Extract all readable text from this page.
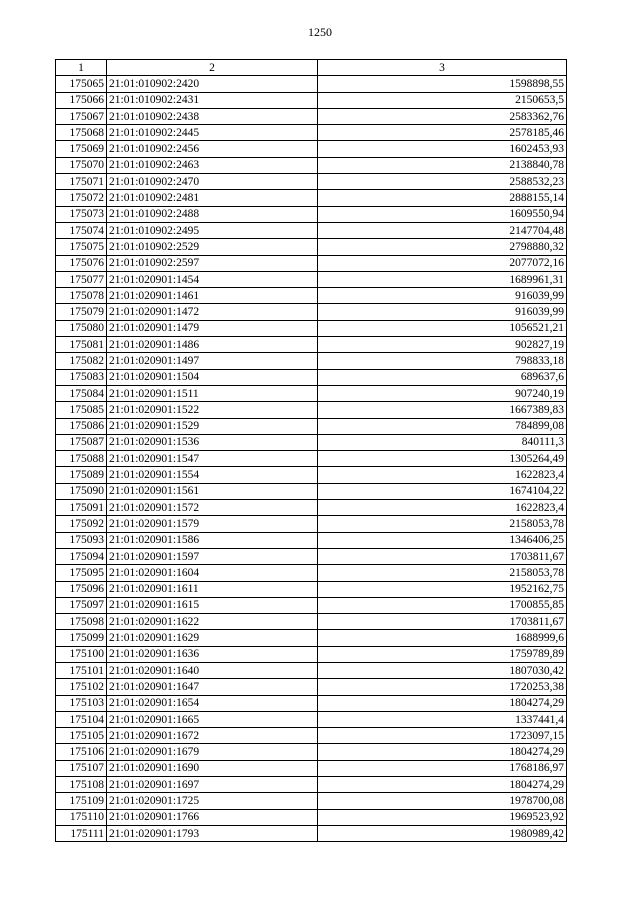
1250
1	2	3
175065	21:01:010902:2420	1598898,55
175066	21:01:010902:2431	2150653,5
175067	21:01:010902:2438	2583362,76
175068	21:01:010902:2445	2578185,46
175069	21:01:010902:2456	1602453,93
175070	21:01:010902:2463	2138840,78
175071	21:01:010902:2470	2588532,23
175072	21:01:010902:2481	2888155,14
175073	21:01:010902:2488	1609550,94
175074	21:01:010902:2495	2147704,48
175075	21:01:010902:2529	2798880,32
175076	21:01:010902:2597	2077072,16
175077	21:01:020901:1454	1689961,31
175078	21:01:020901:1461	916039,99
175079	21:01:020901:1472	916039,99
175080	21:01:020901:1479	1056521,21
175081	21:01:020901:1486	902827,19
175082	21:01:020901:1497	798833,18
175083	21:01:020901:1504	689637,6
175084	21:01:020901:1511	907240,19
175085	21:01:020901:1522	1667389,83
175086	21:01:020901:1529	784899,08
175087	21:01:020901:1536	840111,3
175088	21:01:020901:1547	1305264,49
175089	21:01:020901:1554	1622823,4
175090	21:01:020901:1561	1674104,22
175091	21:01:020901:1572	1622823,4
175092	21:01:020901:1579	2158053,78
175093	21:01:020901:1586	1346406,25
175094	21:01:020901:1597	1703811,67
175095	21:01:020901:1604	2158053,78
175096	21:01:020901:1611	1952162,75
175097	21:01:020901:1615	1700855,85
175098	21:01:020901:1622	1703811,67
175099	21:01:020901:1629	1688999,6
175100	21:01:020901:1636	1759789,89
175101	21:01:020901:1640	1807030,42
175102	21:01:020901:1647	1720253,38
175103	21:01:020901:1654	1804274,29
175104	21:01:020901:1665	1337441,4
175105	21:01:020901:1672	1723097,15
175106	21:01:020901:1679	1804274,29
175107	21:01:020901:1690	1768186,97
175108	21:01:020901:1697	1804274,29
175109	21:01:020901:1725	1978700,08
175110	21:01:020901:1766	1969523,92
175111	21:01:020901:1793	1980989,42
